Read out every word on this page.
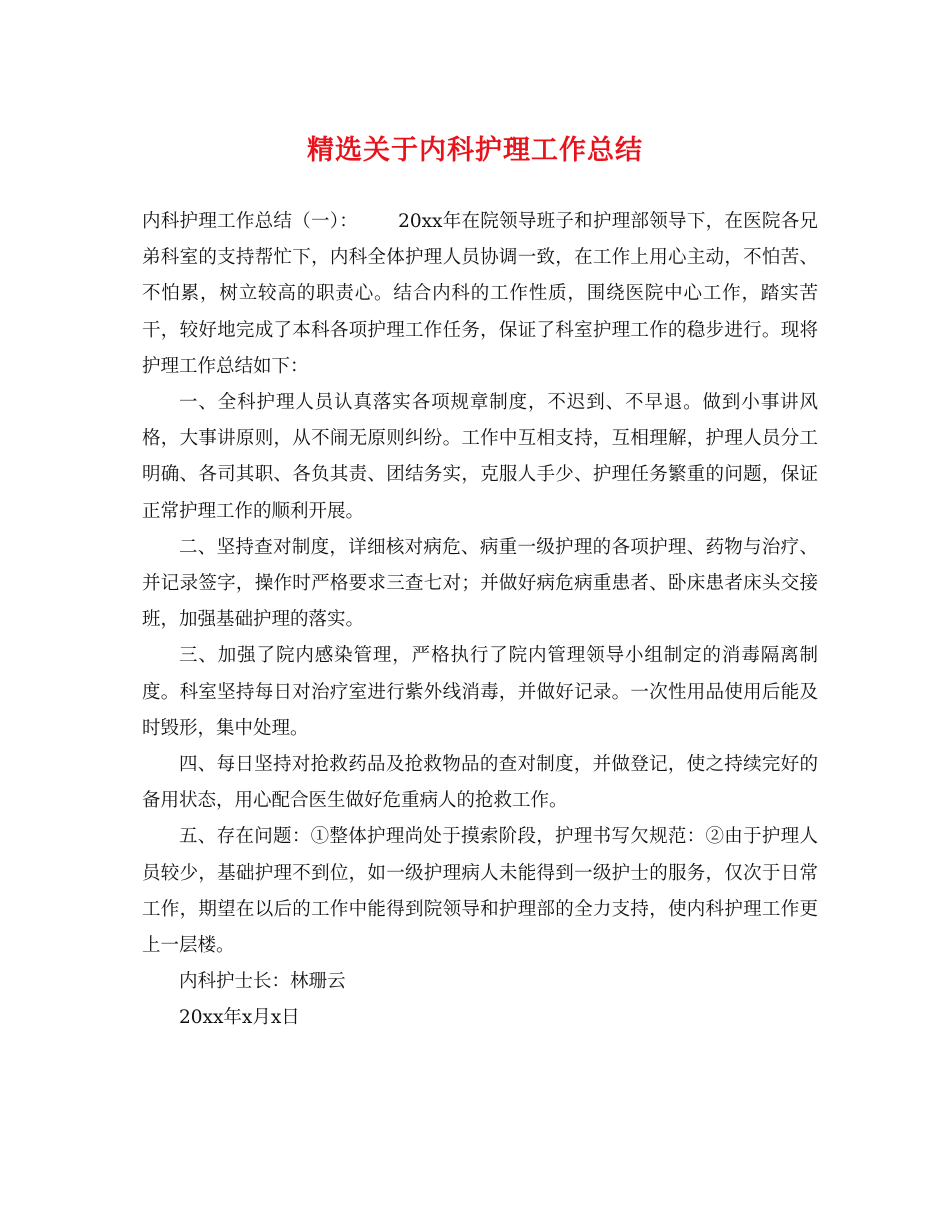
精选关于内科护理工作总结

内科护理工作总结（一）： 20xx年在院领导班子和护理部领导下，在医院各兄弟科室的支持帮忙下，内科全体护理人员协调一致，在工作上用心主动，不怕苦、不怕累，树立较高的职责心。结合内科的工作性质，围绕医院中心工作，踏实苦干，较好地完成了本科各项护理工作任务，保证了科室护理工作的稳步进行。现将护理工作总结如下：

一、全科护理人员认真落实各项规章制度，不迟到、不早退。做到小事讲风格，大事讲原则，从不闹无原则纠纷。工作中互相支持，互相理解，护理人员分工明确、各司其职、各负其责、团结务实，克服人手少、护理任务繁重的问题，保证正常护理工作的顺利开展。

二、坚持查对制度，详细核对病危、病重一级护理的各项护理、药物与治疗、并记录签字，操作时严格要求三查七对；并做好病危病重患者、卧床患者床头交接班，加强基础护理的落实。

三、加强了院内感染管理，严格执行了院内管理领导小组制定的消毒隔离制度。科室坚持每日对治疗室进行紫外线消毒，并做好记录。一次性用品使用后能及时毁形，集中处理。

四、每日坚持对抢救药品及抢救物品的查对制度，并做登记，使之持续完好的备用状态，用心配合医生做好危重病人的抢救工作。

五、存在问题：①整体护理尚处于摸索阶段，护理书写欠规范：②由于护理人员较少，基础护理不到位，如一级护理病人未能得到一级护士的服务，仅次于日常工作，期望在以后的工作中能得到院领导和护理部的全力支持，使内科护理工作更上一层楼。

内科护士长：林珊云

20xx年x月x日
